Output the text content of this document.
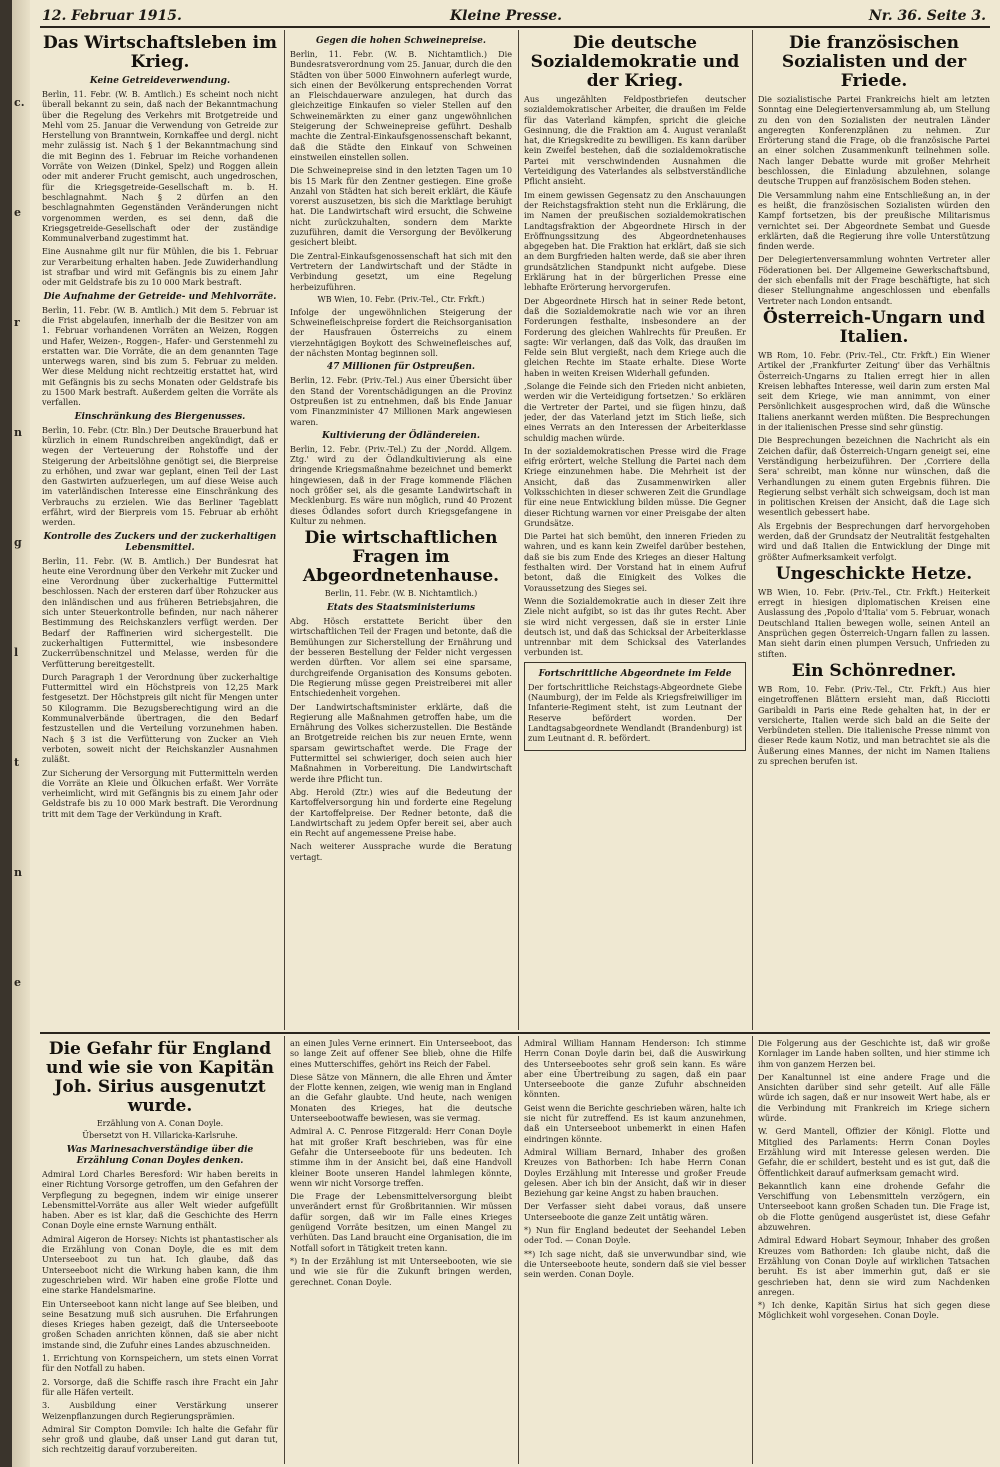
c.
e
r
n
g
l
t
n
e
12. Februar 1915.	Kleine Presse.	Nr. 36. Seite 3.
Das Wirtschaftsleben im Krieg.
Keine Getreideverwendung.

Berlin, 11. Febr. (W. B. Amtlich.) Es scheint noch nicht überall bekannt zu sein, daß nach der Bekanntmachung über die Regelung des Verkehrs mit Brotgetreide und Mehl vom 25. Januar die Verwendung von Getreide zur Herstellung von Branntwein, Kornkaffee und dergl. nicht mehr zulässig ist. Nach § 1 der Bekanntmachung sind die mit Beginn des 1. Februar im Reiche vorhandenen Vorräte von Weizen (Dinkel, Spelz) und Roggen allein oder mit anderer Frucht gemischt, auch ungedroschen, für die Kriegsgetreide-Gesellschaft m. b. H. beschlagnahmt. Nach § 2 dürfen an den beschlagnahmten Gegenständen Veränderungen nicht vorgenommen werden, es sei denn, daß die Kriegsgetreide-Gesellschaft oder der zuständige Kommunalverband zugestimmt hat.

Eine Ausnahme gilt nur für Mühlen, die bis 1. Februar zur Verarbeitung erhalten haben. Jede Zuwiderhandlung ist strafbar und wird mit Gefängnis bis zu einem Jahr oder mit Geldstrafe bis zu 10 000 Mark bestraft.

Die Aufnahme der Getreide- und Mehlvorräte.

Berlin, 11. Febr. (W. B. Amtlich.) Mit dem 5. Februar ist die Frist abgelaufen, innerhalb der die Besitzer von am 1. Februar vorhandenen Vorräten an Weizen, Roggen und Hafer, Weizen-, Roggen-, Hafer- und Gerstenmehl zu erstatten war. Die Vorräte, die an dem genannten Tage unterwegs waren, sind bis zum 5. Februar zu melden. Wer diese Meldung nicht rechtzeitig erstattet hat, wird mit Gefängnis bis zu sechs Monaten oder Geldstrafe bis zu 1500 Mark bestraft. Außerdem gelten die Vorräte als verfallen.

Einschränkung des Biergenusses.

Berlin, 10. Febr. (Ctr. Bln.) Der Deutsche Brauerbund hat kürzlich in einem Rundschreiben angekündigt, daß er wegen der Verteuerung der Rohstoffe und der Steigerung der Arbeitslöhne genötigt sei, die Bierpreise zu erhöhen, und zwar war geplant, einen Teil der Last den Gastwirten aufzuerlegen, um auf diese Weise auch im vaterländischen Interesse eine Einschränkung des Verbrauchs zu erzielen. Wie das Berliner Tageblatt erfährt, wird der Bierpreis vom 15. Februar ab erhöht werden.

Kontrolle des Zuckers und der zuckerhaltigen Lebensmittel.

Berlin, 11. Febr. (W. B. Amtlich.) Der Bundesrat hat heute eine Verordnung über den Verkehr mit Zucker und eine Verordnung über zuckerhaltige Futtermittel beschlossen. Nach der ersteren darf über Rohzucker aus den inländischen und aus früheren Betriebsjahren, die sich unter Steuerkontrolle befinden, nur nach näherer Bestimmung des Reichskanzlers verfügt werden. Der Bedarf der Raffinerien wird sichergestellt. Die zuckerhaltigen Futtermittel, wie insbesondere Zuckerrübenschnitzel und Melasse, werden für die Verfütterung bereitgestellt.

Durch Paragraph 1 der Verordnung über zuckerhaltige Futtermittel wird ein Höchstpreis von 12,25 Mark festgesetzt. Der Höchstpreis gilt nicht für Mengen unter 50 Kilogramm. Die Bezugsberechtigung wird an die Kommunalverbände übertragen, die den Bedarf festzustellen und die Verteilung vorzunehmen haben. Nach § 3 ist die Verfütterung von Zucker an Vieh verboten, soweit nicht der Reichskanzler Ausnahmen zuläßt.

Zur Sicherung der Versorgung mit Futtermitteln werden die Vorräte an Kleie und Ölkuchen erfaßt. Wer Vorräte verheimlicht, wird mit Gefängnis bis zu einem Jahr oder Geldstrafe bis zu 10 000 Mark bestraft. Die Verordnung tritt mit dem Tage der Verkündung in Kraft.

Gegen die hohen Schweinepreise.

Berlin, 11. Febr. (W. B. Nichtamtlich.) Die Bundesratsverordnung vom 25. Januar, durch die den Städten von über 5000 Einwohnern auferlegt wurde, sich einen der Bevölkerung entsprechenden Vorrat an Fleischdauerware anzulegen, hat durch das gleichzeitige Einkaufen so vieler Stellen auf den Schweinemärkten zu einer ganz ungewöhnlichen Steigerung der Schweinepreise geführt. Deshalb machte die Zentral-Einkaufsgenossenschaft bekannt, daß die Städte den Einkauf von Schweinen einstweilen einstellen sollen.

Die Schweinepreise sind in den letzten Tagen um 10 bis 15 Mark für den Zentner gestiegen. Eine große Anzahl von Städten hat sich bereit erklärt, die Käufe vorerst auszusetzen, bis sich die Marktlage beruhigt hat. Die Landwirtschaft wird ersucht, die Schweine nicht zurückzuhalten, sondern dem Markte zuzuführen, damit die Versorgung der Bevölkerung gesichert bleibt.

Die Zentral-Einkaufsgenossenschaft hat sich mit den Vertretern der Landwirtschaft und der Städte in Verbindung gesetzt, um eine Regelung herbeizuführen.

WB Wien, 10. Febr. (Priv.-Tel., Ctr. Frkft.)

Infolge der ungewöhnlichen Steigerung der Schweinefleischpreise fordert die Reichsorganisation der Hausfrauen Österreichs zu einem vierzehntägigen Boykott des Schweinefleisches auf, der nächsten Montag beginnen soll.

47 Millionen für Ostpreußen.

Berlin, 12. Febr. (Priv.-Tel.) Aus einer Übersicht über den Stand der Vorentschädigungen an die Provinz Ostpreußen ist zu entnehmen, daß bis Ende Januar vom Finanzminister 47 Millionen Mark angewiesen waren.

Kultivierung der Ödländereien.

Berlin, 12. Febr. (Priv.-Tel.) Zu der ‚Nordd. Allgem. Ztg.' wird zu der Ödlandkultivierung als eine dringende Kriegsmaßnahme bezeichnet und bemerkt hingewiesen, daß in der Frage kommende Flächen noch größer sei, als die gesamte Landwirtschaft in Mecklenburg. Es wäre nun möglich, rund 40 Prozent dieses Ödlandes sofort durch Kriegsgefangene in Kultur zu nehmen.

Die wirtschaftlichen Fragen im Abgeordnetenhause.
Berlin, 11. Febr. (W. B. Nichtamtlich.)
Etats des Staatsministeriums

Abg. Hösch erstattete Bericht über den wirtschaftlichen Teil der Fragen und betonte, daß die Bemühungen zur Sicherstellung der Ernährung und der besseren Bestellung der Felder nicht vergessen werden dürften. Vor allem sei eine sparsame, durchgreifende Organisation des Konsums geboten. Die Regierung müsse gegen Preistreiberei mit aller Entschiedenheit vorgehen.

Der Landwirtschaftsminister erklärte, daß die Regierung alle Maßnahmen getroffen habe, um die Ernährung des Volkes sicherzustellen. Die Bestände an Brotgetreide reichen bis zur neuen Ernte, wenn sparsam gewirtschaftet werde. Die Frage der Futtermittel sei schwieriger, doch seien auch hier Maßnahmen in Vorbereitung. Die Landwirtschaft werde ihre Pflicht tun.

Abg. Herold (Ztr.) wies auf die Bedeutung der Kartoffelversorgung hin und forderte eine Regelung der Kartoffelpreise. Der Redner betonte, daß die Landwirtschaft zu jedem Opfer bereit sei, aber auch ein Recht auf angemessene Preise habe.

Nach weiterer Aussprache wurde die Beratung vertagt.

Die deutsche Sozialdemokratie und der Krieg.

Aus ungezählten Feldpostbriefen deutscher sozialdemokratischer Arbeiter, die draußen im Felde für das Vaterland kämpfen, spricht die gleiche Gesinnung, die die Fraktion am 4. August veranlaßt hat, die Kriegskredite zu bewilligen. Es kann darüber kein Zweifel bestehen, daß die sozialdemokratische Partei mit verschwindenden Ausnahmen die Verteidigung des Vaterlandes als selbstverständliche Pflicht ansieht.

Im einem gewissen Gegensatz zu den Anschauungen der Reichstagsfraktion steht nun die Erklärung, die im Namen der preußischen sozialdemokratischen Landtagsfraktion der Abgeordnete Hirsch in der Eröffnungssitzung des Abgeordnetenhauses abgegeben hat. Die Fraktion hat erklärt, daß sie sich an dem Burgfrieden halten werde, daß sie aber ihren grundsätzlichen Standpunkt nicht aufgebe. Diese Erklärung hat in der bürgerlichen Presse eine lebhafte Erörterung hervorgerufen.

Der Abgeordnete Hirsch hat in seiner Rede betont, daß die Sozialdemokratie nach wie vor an ihren Forderungen festhalte, insbesondere an der Forderung des gleichen Wahlrechts für Preußen. Er sagte: Wir verlangen, daß das Volk, das draußen im Felde sein Blut vergießt, nach dem Kriege auch die gleichen Rechte im Staate erhalte. Diese Worte haben in weiten Kreisen Widerhall gefunden.

‚Solange die Feinde sich den Frieden nicht anbieten, werden wir die Verteidigung fortsetzen.' So erklären die Vertreter der Partei, und sie fügen hinzu, daß jeder, der das Vaterland jetzt im Stich ließe, sich eines Verrats an den Interessen der Arbeiterklasse schuldig machen würde.

In der sozialdemokratischen Presse wird die Frage eifrig erörtert, welche Stellung die Partei nach dem Kriege einzunehmen habe. Die Mehrheit ist der Ansicht, daß das Zusammenwirken aller Volksschichten in dieser schweren Zeit die Grundlage für eine neue Entwicklung bilden müsse. Die Gegner dieser Richtung warnen vor einer Preisgabe der alten Grundsätze.

Die Partei hat sich bemüht, den inneren Frieden zu wahren, und es kann kein Zweifel darüber bestehen, daß sie bis zum Ende des Krieges an dieser Haltung festhalten wird. Der Vorstand hat in einem Aufruf betont, daß die Einigkeit des Volkes die Voraussetzung des Sieges sei.

Wenn die Sozialdemokratie auch in dieser Zeit ihre Ziele nicht aufgibt, so ist das ihr gutes Recht. Aber sie wird nicht vergessen, daß sie in erster Linie deutsch ist, und daß das Schicksal der Arbeiterklasse untrennbar mit dem Schicksal des Vaterlandes verbunden ist.

Fortschrittliche Abgeordnete im Felde

Der fortschrittliche Reichstags-Abgeordnete Giebe (Naumburg), der im Felde als Kriegsfreiwilliger im Infanterie-Regiment steht, ist zum Leutnant der Reserve befördert worden. Der Landtagsabgeordnete Wendlandt (Brandenburg) ist zum Leutnant d. R. befördert.

Die französischen Sozialisten und der Friede.

Die sozialistische Partei Frankreichs hielt am letzten Sonntag eine Delegiertenversammlung ab, um Stellung zu den von den Sozialisten der neutralen Länder angeregten Konferenzplänen zu nehmen. Zur Erörterung stand die Frage, ob die französische Partei an einer solchen Zusammenkunft teilnehmen solle. Nach langer Debatte wurde mit großer Mehrheit beschlossen, die Einladung abzulehnen, solange deutsche Truppen auf französischem Boden stehen.

Die Versammlung nahm eine Entschließung an, in der es heißt, die französischen Sozialisten würden den Kampf fortsetzen, bis der preußische Militarismus vernichtet sei. Der Abgeordnete Sembat und Guesde erklärten, daß die Regierung ihre volle Unterstützung finden werde.

Der Delegiertenversammlung wohnten Vertreter aller Föderationen bei. Der Allgemeine Gewerkschaftsbund, der sich ebenfalls mit der Frage beschäftigte, hat sich dieser Stellungnahme angeschlossen und ebenfalls Vertreter nach London entsandt.

Österreich-Ungarn und Italien.

WB Rom, 10. Febr. (Priv.-Tel., Ctr. Frkft.) Ein Wiener Artikel der ‚Frankfurter Zeitung' über das Verhältnis Österreich-Ungarns zu Italien erregt hier in allen Kreisen lebhaftes Interesse, weil darin zum ersten Mal seit dem Kriege, wie man annimmt, von einer Persönlichkeit ausgesprochen wird, daß die Wünsche Italiens anerkannt werden müßten. Die Besprechungen in der italienischen Presse sind sehr günstig.

Die Besprechungen bezeichnen die Nachricht als ein Zeichen dafür, daß Österreich-Ungarn geneigt sei, eine Verständigung herbeizuführen. Der ‚Corriere della Sera' schreibt, man könne nur wünschen, daß die Verhandlungen zu einem guten Ergebnis führen. Die Regierung selbst verhält sich schweigsam, doch ist man in politischen Kreisen der Ansicht, daß die Lage sich wesentlich gebessert habe.

Als Ergebnis der Besprechungen darf hervorgehoben werden, daß der Grundsatz der Neutralität festgehalten wird und daß Italien die Entwicklung der Dinge mit größter Aufmerksamkeit verfolgt.

Ungeschickte Hetze.

WB Wien, 10. Febr. (Priv.-Tel., Ctr. Frkft.) Heiterkeit erregt in hiesigen diplomatischen Kreisen eine Auslassung des ‚Popolo d'Italia' vom 5. Februar, wonach Deutschland Italien bewegen wolle, seinen Anteil an Ansprüchen gegen Österreich-Ungarn fallen zu lassen. Man sieht darin einen plumpen Versuch, Unfrieden zu stiften.

Ein Schönredner.

WB Rom, 10. Febr. (Priv.-Tel., Ctr. Frkft.) Aus hier eingetroffenen Blättern ersieht man, daß Ricciotti Garibaldi in Paris eine Rede gehalten hat, in der er versicherte, Italien werde sich bald an die Seite der Verbündeten stellen. Die italienische Presse nimmt von dieser Rede kaum Notiz, und man betrachtet sie als die Äußerung eines Mannes, der nicht im Namen Italiens zu sprechen berufen ist.

Die Gefahr für England und wie sie von Kapitän Joh. Sirius ausgenutzt wurde.
Erzählung von A. Conan Doyle.
Übersetzt von H. Villaricka-Karlsruhe.
Was Marinesachverständige über die Erzählung Conan Doyles denken.

Admiral Lord Charles Beresford: Wir haben bereits in einer Richtung Vorsorge getroffen, um den Gefahren der Verpflegung zu begegnen, indem wir einige unserer Lebensmittel-Vorräte aus aller Welt wieder aufgefüllt haben. Aber es ist klar, daß die Geschichte des Herrn Conan Doyle eine ernste Warnung enthält.

Admiral Aigeron de Horsey: Nichts ist phantastischer als die Erzählung von Conan Doyle, die es mit dem Unterseeboot zu tun hat. Ich glaube, daß das Unterseeboot nicht die Wirkung haben kann, die ihm zugeschrieben wird. Wir haben eine große Flotte und eine starke Handelsmarine.

Ein Unterseeboot kann nicht lange auf See bleiben, und seine Besatzung muß sich ausruhen. Die Erfahrungen dieses Krieges haben gezeigt, daß die Unterseeboote großen Schaden anrichten können, daß sie aber nicht imstande sind, die Zufuhr eines Landes abzuschneiden.

1. Errichtung von Kornspeichern, um stets einen Vorrat für den Notfall zu haben.

2. Vorsorge, daß die Schiffe rasch ihre Fracht ein Jahr für alle Häfen verteilt.

3. Ausbildung einer Verstärkung unserer Weizenpflanzungen durch Regierungsprämien.

Admiral Sir Compton Domvile: Ich halte die Gefahr für sehr groß und glaube, daß unser Land gut daran tut, sich rechtzeitig darauf vorzubereiten.

an einen Jules Verne erinnert. Ein Unterseeboot, das so lange Zeit auf offener See blieb, ohne die Hilfe eines Mutterschiffes, gehört ins Reich der Fabel.

Diese Sätze von Männern, die alle Ehren und Ämter der Flotte kennen, zeigen, wie wenig man in England an die Gefahr glaubte. Und heute, nach wenigen Monaten des Krieges, hat die deutsche Unterseebootwaffe bewiesen, was sie vermag.

Admiral A. C. Penrose Fitzgerald: Herr Conan Doyle hat mit großer Kraft beschrieben, was für eine Gefahr die Unterseeboote für uns bedeuten. Ich stimme ihm in der Ansicht bei, daß eine Handvoll kleiner Boote unseren Handel lahmlegen könnte, wenn wir nicht Vorsorge treffen.

Die Frage der Lebensmittelversorgung bleibt unverändert ernst für Großbritannien. Wir müssen dafür sorgen, daß wir im Falle eines Krieges genügend Vorräte besitzen, um einen Mangel zu verhüten. Das Land braucht eine Organisation, die im Notfall sofort in Tätigkeit treten kann.

*) In der Erzählung ist mit Unterseebooten, wie sie und wie sie für die Zukunft bringen werden, gerechnet. Conan Doyle.

Admiral William Hannam Henderson: Ich stimme Herrn Conan Doyle darin bei, daß die Auswirkung des Unterseebootes sehr groß sein kann. Es wäre aber eine Übertreibung zu sagen, daß ein paar Unterseeboote die ganze Zufuhr abschneiden könnten.

Geist wenn die Berichte geschrieben wären, halte ich sie nicht für zutreffend. Es ist kaum anzunehmen, daß ein Unterseeboot unbemerkt in einen Hafen eindringen könnte.

Admiral William Bernard, Inhaber des großen Kreuzes von Bathorben: Ich habe Herrn Conan Doyles Erzählung mit Interesse und großer Freude gelesen. Aber ich bin der Ansicht, daß wir in dieser Beziehung gar keine Angst zu haben brauchen.

Der Verfasser sieht dabei voraus, daß unsere Unterseeboote die ganze Zeit untätig wären.

*) Nun für England bedeutet der Seehandel Leben oder Tod. — Conan Doyle.

**) Ich sage nicht, daß sie unverwundbar sind, wie die Unterseeboote heute, sondern daß sie viel besser sein werden. Conan Doyle.

Die Folgerung aus der Geschichte ist, daß wir große Kornlager im Lande haben sollten, und hier stimme ich ihm von ganzem Herzen bei.

Der Kanaltunnel ist eine andere Frage und die Ansichten darüber sind sehr geteilt. Auf alle Fälle würde ich sagen, daß er nur insoweit Wert habe, als er die Verbindung mit Frankreich im Kriege sichern würde.

W. Gerd Mantell, Offizier der Königl. Flotte und Mitglied des Parlaments: Herrn Conan Doyles Erzählung wird mit Interesse gelesen werden. Die Gefahr, die er schildert, besteht und es ist gut, daß die Öffentlichkeit darauf aufmerksam gemacht wird.

Bekanntlich kann eine drohende Gefahr die Verschiffung von Lebensmitteln verzögern, ein Unterseeboot kann großen Schaden tun. Die Frage ist, ob die Flotte genügend ausgerüstet ist, diese Gefahr abzuwehren.

Admiral Edward Hobart Seymour, Inhaber des großen Kreuzes vom Bathorden: Ich glaube nicht, daß die Erzählung von Conan Doyle auf wirklichen Tatsachen beruht. Es ist aber immerhin gut, daß er sie geschrieben hat, denn sie wird zum Nachdenken anregen.

*) Ich denke, Kapitän Sirius hat sich gegen diese Möglichkeit wohl vorgesehen. Conan Doyle.
